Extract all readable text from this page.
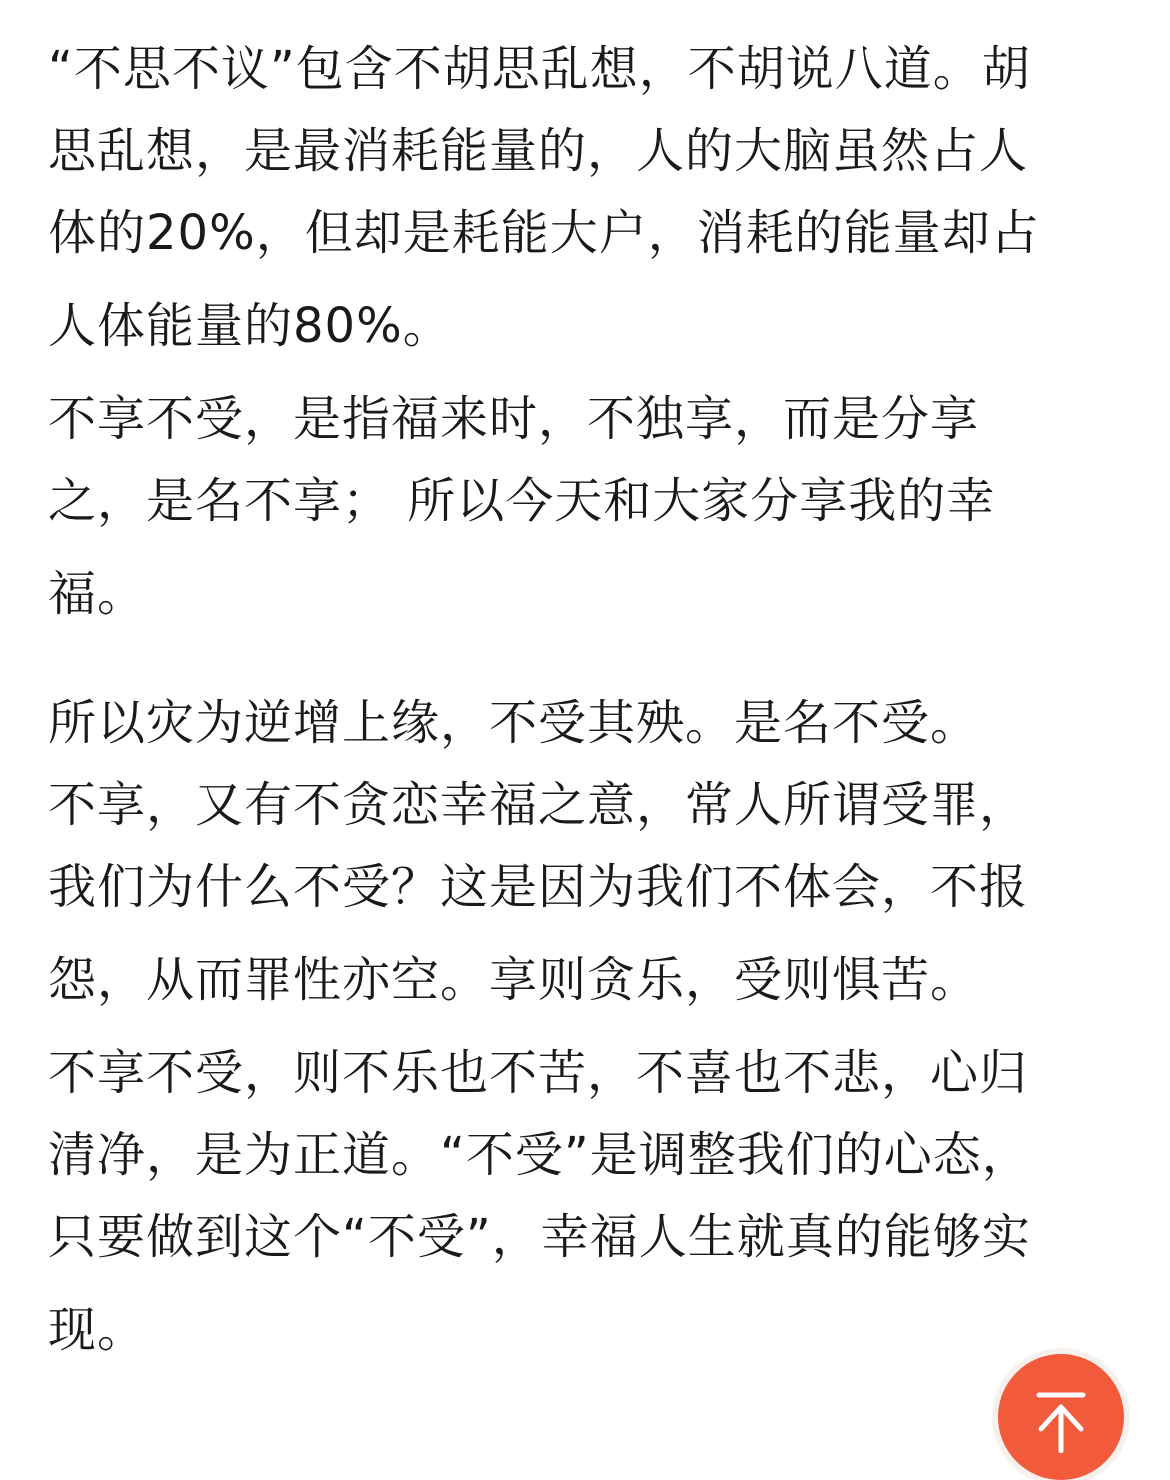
“不思不议”包含不胡思乱想，不胡说八道。胡
思乱想，是最消耗能量的，人的大脑虽然占人
体的20%，但却是耗能大户，消耗的能量却占
人体能量的80%。

不享不受，是指福来时，不独享，而是分享
之，是名不享； 所以今天和大家分享我的幸
福。

所以灾为逆增上缘，不受其殃。是名不受。

不享，又有不贪恋幸福之意，常人所谓受罪，
我们为什么不受？这是因为我们不体会，不报
怨，从而罪性亦空。享则贪乐，受则惧苦。

不享不受，则不乐也不苦，不喜也不悲，心归
清净，是为正道。“不受”是调整我们的心态，
只要做到这个“不受”，幸福人生就真的能够实
现。
